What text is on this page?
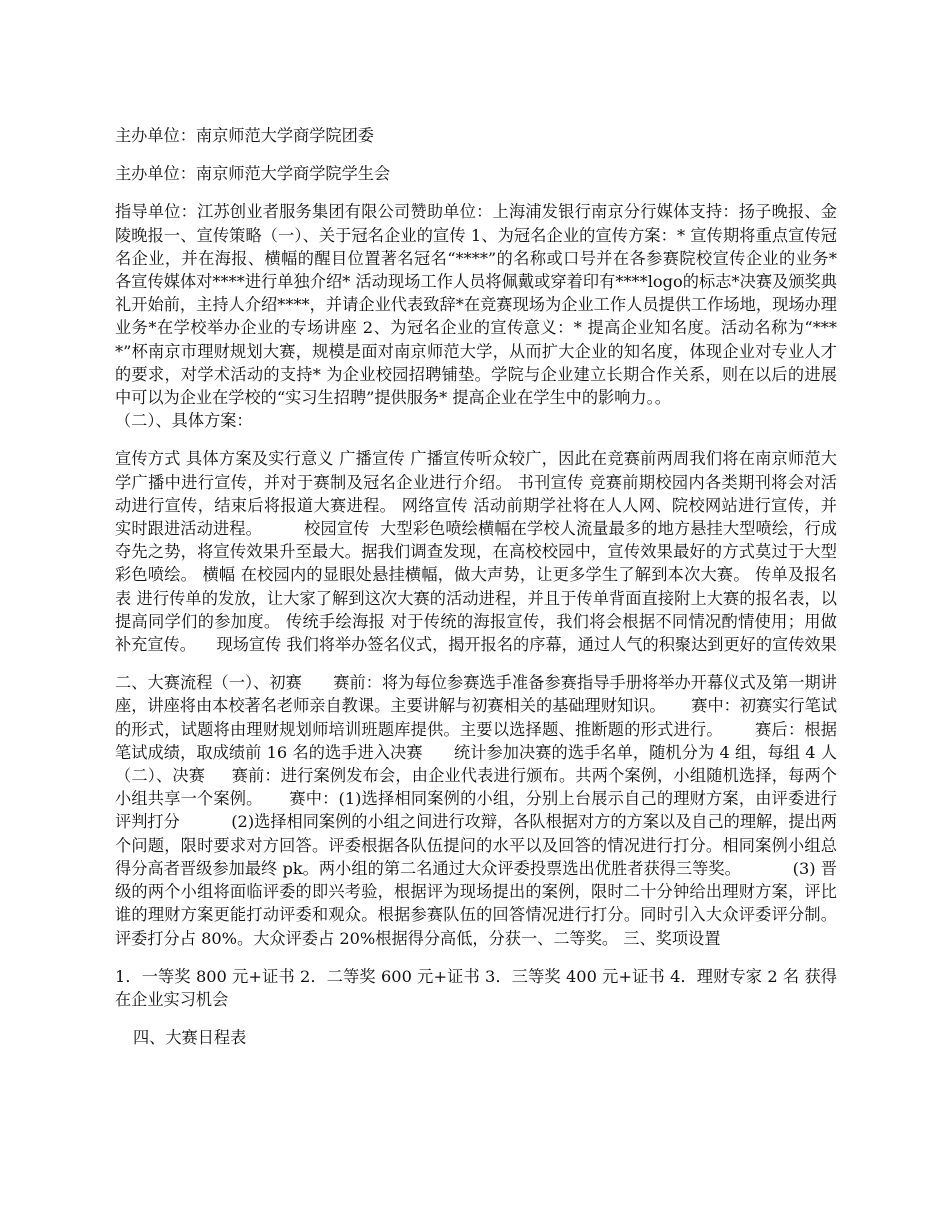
主办单位：南京师范大学商学院团委

主办单位：南京师范大学商学院学生会

指导单位：江苏创业者服务集团有限公司赞助单位：上海浦发银行南京分行媒体支持：扬子晚报、金陵晚报一、宣传策略（一）、关于冠名企业的宣传 1、为冠名企业的宣传方案：* 宣传期将重点宣传冠名企业，并在海报、横幅的醒目位置著名冠名“****”的名称或口号并在各参赛院校宣传企业的业务* 各宣传媒体对****进行单独介绍* 活动现场工作人员将佩戴或穿着印有****logo的标志*决赛及颁奖典礼开始前，主持人介绍****，并请企业代表致辞*在竞赛现场为企业工作人员提供工作场地，现场办理业务*在学校举办企业的专场讲座 2、为冠名企业的宣传意义：* 提高企业知名度。活动名称为“****”杯南京市理财规划大赛，规模是面对南京师范大学，从而扩大企业的知名度，体现企业对专业人才的要求，对学术活动的支持* 为企业校园招聘铺垫。学院与企业建立长期合作关系，则在以后的进展中可以为企业在学校的“实习生招聘”提供服务* 提高企业在学生中的影响力。。

（二）、具体方案：

宣传方式 具体方案及实行意义 广播宣传 广播宣传听众较广，因此在竞赛前两周我们将在南京师范大学广播中进行宣传，并对于赛制及冠名企业进行介绍。 书刊宣传 竞赛前期校园内各类期刊将会对活动进行宣传，结束后将报道大赛进程。 网络宣传 活动前期学社将在人人网、院校网站进行宣传，并实时跟进活动进程。        校园宣传  大型彩色喷绘横幅在学校人流量最多的地方悬挂大型喷绘，行成夺先之势，将宣传效果升至最大。据我们调查发现，在高校校园中，宣传效果最好的方式莫过于大型彩色喷绘。 横幅 在校园内的显眼处悬挂横幅，做大声势，让更多学生了解到本次大赛。 传单及报名表 进行传单的发放，让大家了解到这次大赛的活动进程，并且于传单背面直接附上大赛的报名表，以提高同学们的参加度。 传统手绘海报 对于传统的海报宣传，我们将会根据不同情况酌情使用；用做补充宣传。    现场宣传 我们将举办签名仪式，揭开报名的序幕，通过人气的积聚达到更好的宣传效果

二、大赛流程（一）、初赛      赛前：将为每位参赛选手准备参赛指导手册将举办开幕仪式及第一期讲座，讲座将由本校著名老师亲自教课。主要讲解与初赛相关的基础理财知识。     赛中：初赛实行笔试的形式，试题将由理财规划师培训班题库提供。主要以选择题、推断题的形式进行。      赛后：根据笔试成绩，取成绩前 16 名的选手进入决赛      统计参加决赛的选手名单，随机分为 4 组，每组 4 人（二）、决赛     赛前：进行案例发布会，由企业代表进行颁布。共两个案例，小组随机选择，每两个小组共享一个案例。     赛中：(1)选择相同案例的小组，分别上台展示自己的理财方案，由评委进行评判打分          (2)选择相同案例的小组之间进行攻辩，各队根据对方的方案以及自己的理解，提出两个问题，限时要求对方回答。评委根据各队伍提问的水平以及回答的情况进行打分。相同案例小组总得分高者晋级参加最终 pk。两小组的第二名通过大众评委投票选出优胜者获得三等奖。          (3) 晋级的两个小组将面临评委的即兴考验，根据评为现场提出的案例，限时二十分钟给出理财方案，评比谁的理财方案更能打动评委和观众。根据参赛队伍的回答情况进行打分。同时引入大众评委评分制。评委打分占 80%。大众评委占 20%根据得分高低，分获一、二等奖。 三、奖项设置

1．一等奖 800 元+证书 2．二等奖 600 元+证书 3．三等奖 400 元+证书 4．理财专家 2 名 获得在企业实习机会

四、大赛日程表
